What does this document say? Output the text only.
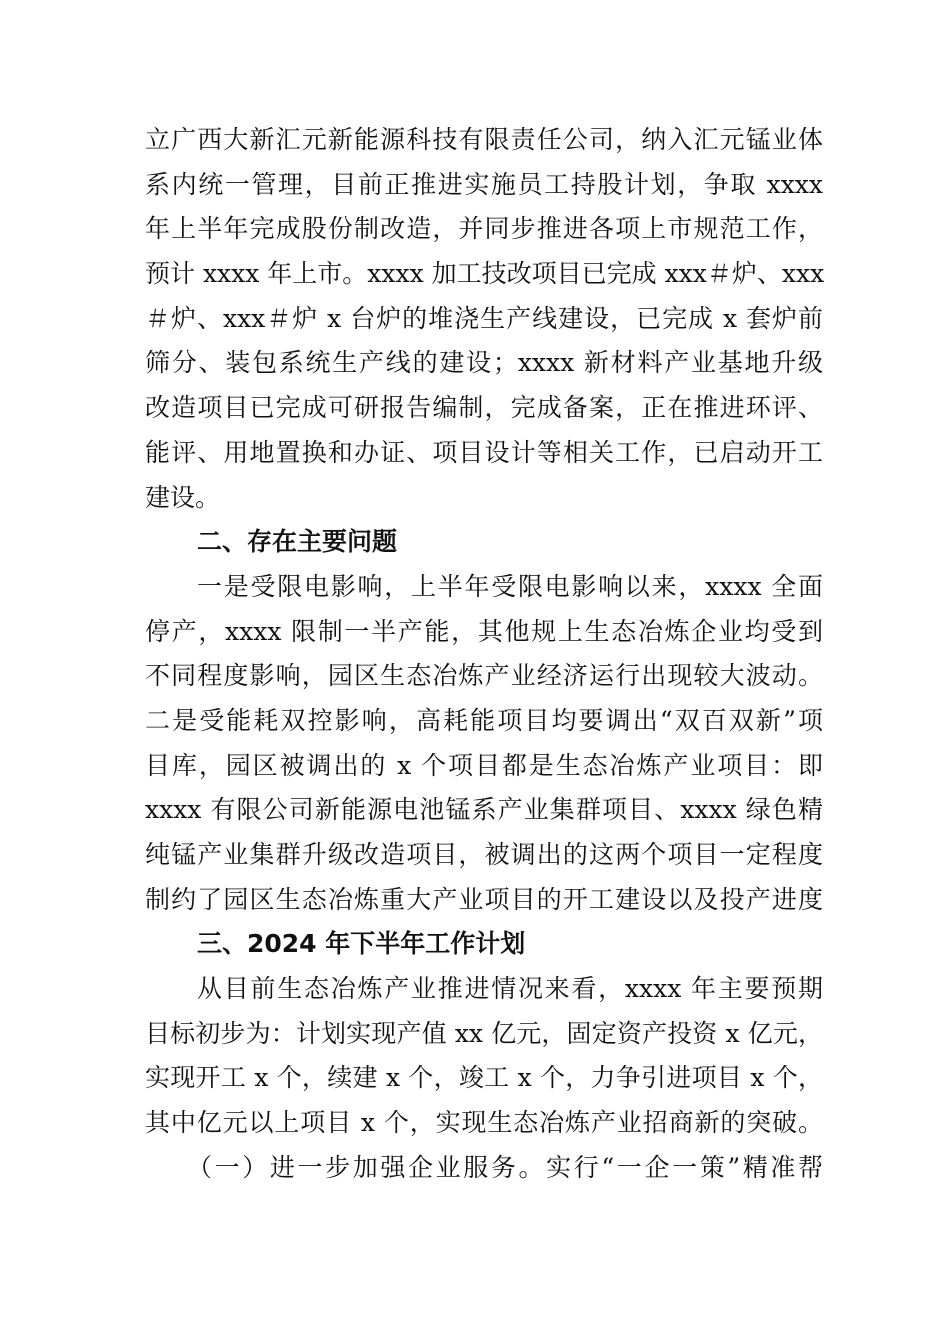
立广西大新汇元新能源科技有限责任公司，纳入汇元锰业体
系内统一管理，目前正推进实施员工持股计划，争取 xxxx
年上半年完成股份制改造，并同步推进各项上市规范工作，
预计 xxxx 年上市。xxxx 加工技改项目已完成 xxx＃炉、xxx
＃炉、xxx＃炉 x 台炉的堆浇生产线建设，已完成 x 套炉前
筛分、装包系统生产线的建设；xxxx 新材料产业基地升级
改造项目已完成可研报告编制，完成备案，正在推进环评、
能评、用地置换和办证、项目设计等相关工作，已启动开工
建设。
二、存在主要问题
一是受限电影响，上半年受限电影响以来，xxxx 全面
停产，xxxx 限制一半产能，其他规上生态冶炼企业均受到
不同程度影响，园区生态冶炼产业经济运行出现较大波动。
二是受能耗双控影响，高耗能项目均要调出“双百双新”项
目库，园区被调出的 x 个项目都是生态冶炼产业项目：即
xxxx 有限公司新能源电池锰系产业集群项目、xxxx 绿色精
纯锰产业集群升级改造项目，被调出的这两个项目一定程度
制约了园区生态冶炼重大产业项目的开工建设以及投产进度
三、2024 年下半年工作计划
从目前生态冶炼产业推进情况来看，xxxx 年主要预期
目标初步为：计划实现产值 xx 亿元，固定资产投资 x 亿元，
实现开工 x 个，续建 x 个，竣工 x 个，力争引进项目 x 个，
其中亿元以上项目 x 个，实现生态冶炼产业招商新的突破。
（一）进一步加强企业服务。实行“一企一策”精准帮
